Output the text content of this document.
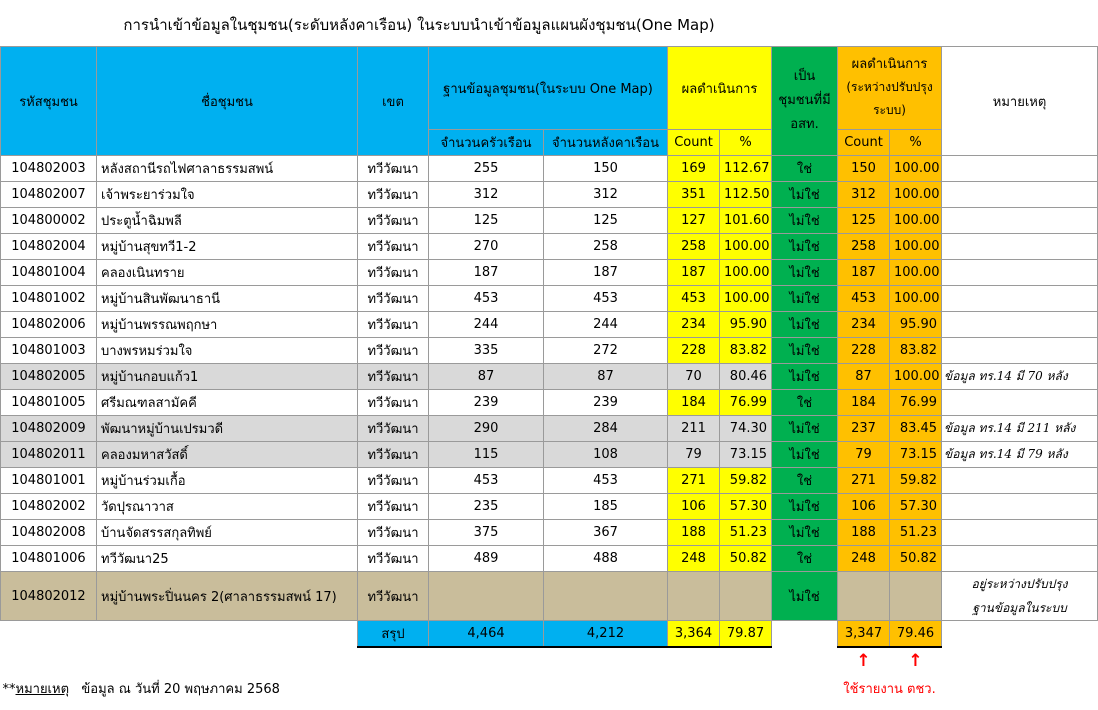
การนำเข้าข้อมูลในชุมชน(ระดับหลังคาเรือน) ในระบบนำเข้าข้อมูลแผนผังชุมชน(One Map)
รหัสชุมชน	ชื่อชุมชน	เขต	ฐานข้อมูลชุมชน(ในระบบ One Map)		ผลดำเนินการ		เป็น
ชุมชนที่มี
อสท.	ผลดำเนินการ
(ระหว่างปรับปรุง
ระบบ)		หมายเหตุ
			จำนวนครัวเรือน	จำนวนหลังคาเรือน	Count	%		Count	%	
104802003	หลังสถานีรถไฟศาลาธรรมสพน์	ทวีวัฒนา	255	150	169	112.67	ใช่	150	100.00	
104802007	เจ้าพระยาร่วมใจ	ทวีวัฒนา	312	312	351	112.50	ไม่ใช่	312	100.00	
104800002	ประตูน้ำฉิมพลี	ทวีวัฒนา	125	125	127	101.60	ไม่ใช่	125	100.00	
104802004	หมู่บ้านสุขทวี1-2	ทวีวัฒนา	270	258	258	100.00	ไม่ใช่	258	100.00	
104801004	คลองเนินทราย	ทวีวัฒนา	187	187	187	100.00	ไม่ใช่	187	100.00	
104801002	หมู่บ้านสินพัฒนาธานี	ทวีวัฒนา	453	453	453	100.00	ไม่ใช่	453	100.00	
104802006	หมู่บ้านพรรณพฤกษา	ทวีวัฒนา	244	244	234	95.90	ไม่ใช่	234	95.90	
104801003	บางพรหมร่วมใจ	ทวีวัฒนา	335	272	228	83.82	ไม่ใช่	228	83.82	
104802005	หมู่บ้านกอบแก้ว1	ทวีวัฒนา	87	87	70	80.46	ไม่ใช่	87	100.00	ข้อมูล ทร.14 มี 70 หลัง
104801005	ศรีมณฑลสามัคคี	ทวีวัฒนา	239	239	184	76.99	ใช่	184	76.99	
104802009	พัฒนาหมู่บ้านเปรมวดี	ทวีวัฒนา	290	284	211	74.30	ไม่ใช่	237	83.45	ข้อมูล ทร.14 มี 211 หลัง
104802011	คลองมหาสวัสดิ์	ทวีวัฒนา	115	108	79	73.15	ไม่ใช่	79	73.15	ข้อมูล ทร.14 มี 79 หลัง
104801001	หมู่บ้านร่วมเกื้อ	ทวีวัฒนา	453	453	271	59.82	ใช่	271	59.82	
104802002	วัดปุรณาวาส	ทวีวัฒนา	235	185	106	57.30	ไม่ใช่	106	57.30	
104802008	บ้านจัดสรรสกุลทิพย์	ทวีวัฒนา	375	367	188	51.23	ไม่ใช่	188	51.23	
104801006	ทวีวัฒนา25	ทวีวัฒนา	489	488	248	50.82	ใช่	248	50.82	
104802012	หมู่บ้านพระปิ่นนคร 2(ศาลาธรรมสพน์ 17)	ทวีวัฒนา					ไม่ใช่			อยู่ระหว่างปรับปรุง
ฐานข้อมูลในระบบ
		สรุป	4,464	4,212	3,364	79.87		3,347	79.46	
								↑	↑	
**หมายเหตุ ข้อมูล ณ วันที่ 20 พฤษภาคม 2568								ใช้รายงาน ตชว.		
